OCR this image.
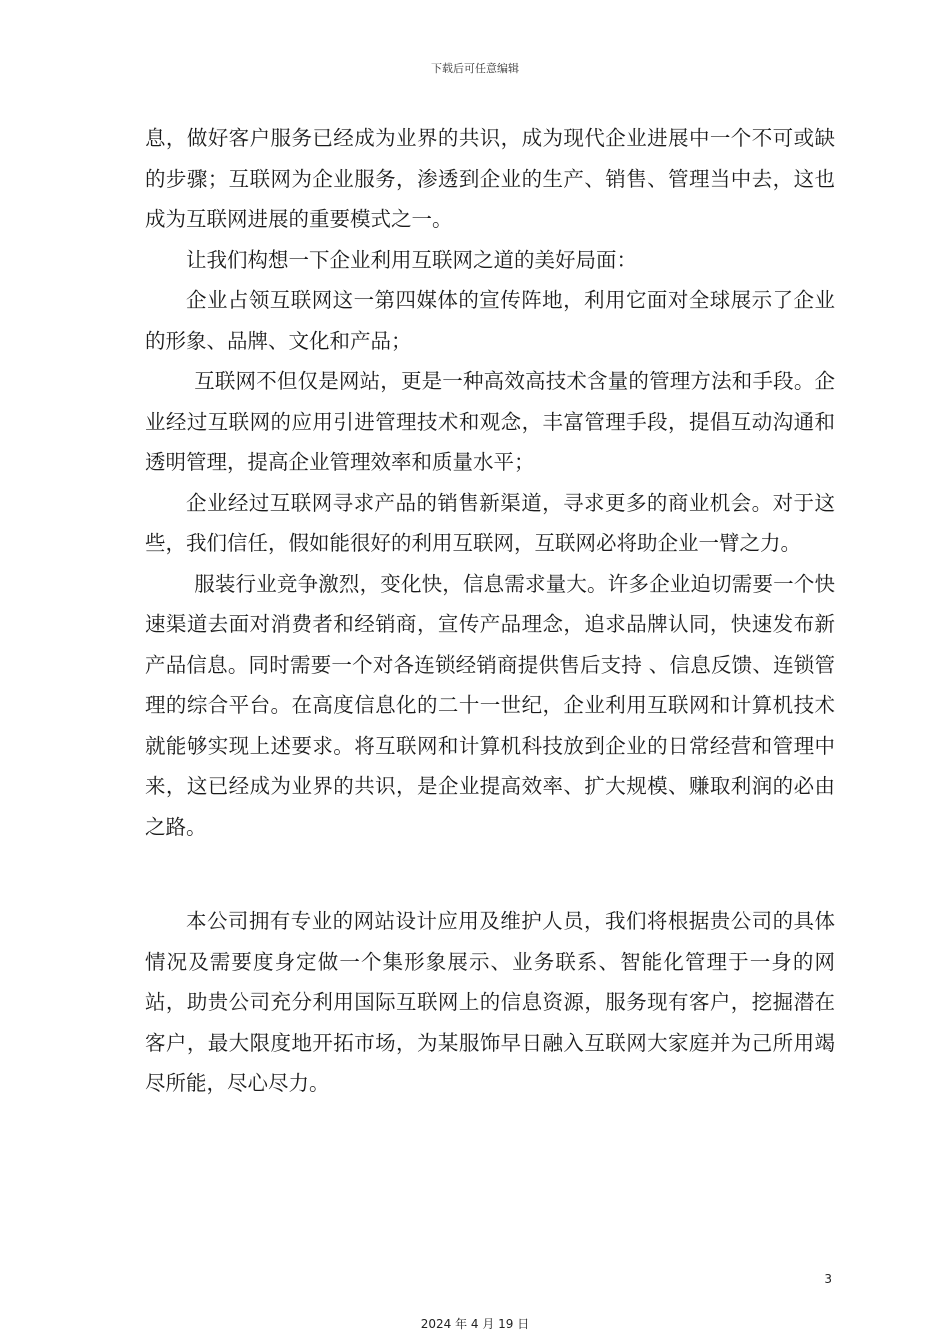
下载后可任意编辑

息，做好客户服务已经成为业界的共识，成为现代企业进展中一个不可或缺的步骤；互联网为企业服务，渗透到企业的生产、销售、管理当中去，这也成为互联网进展的重要模式之一。

让我们构想一下企业利用互联网之道的美好局面：

企业占领互联网这一第四媒体的宣传阵地，利用它面对全球展示了企业的形象、品牌、文化和产品；

互联网不但仅是网站，更是一种高效高技术含量的管理方法和手段。企业经过互联网的应用引进管理技术和观念，丰富管理手段，提倡互动沟通和透明管理，提高企业管理效率和质量水平；

企业经过互联网寻求产品的销售新渠道，寻求更多的商业机会。对于这些，我们信任，假如能很好的利用互联网，互联网必将助企业一臂之力。

服装行业竞争激烈，变化快，信息需求量大。许多企业迫切需要一个快速渠道去面对消费者和经销商，宣传产品理念，追求品牌认同，快速发布新产品信息。同时需要一个对各连锁经销商提供售后支持 、信息反馈、连锁管理的综合平台。在高度信息化的二十一世纪，企业利用互联网和计算机技术就能够实现上述要求。将互联网和计算机科技放到企业的日常经营和管理中来，这已经成为业界的共识，是企业提高效率、扩大规模、赚取利润的必由之路。

本公司拥有专业的网站设计应用及维护人员，我们将根据贵公司的具体情况及需要度身定做一个集形象展示、业务联系、智能化管理于一身的网站，助贵公司充分利用国际互联网上的信息资源，服务现有客户，挖掘潜在客户，最大限度地开拓市场，为某服饰早日融入互联网大家庭并为己所用竭尽所能，尽心尽力。

3
2024 年 4 月 19 日
